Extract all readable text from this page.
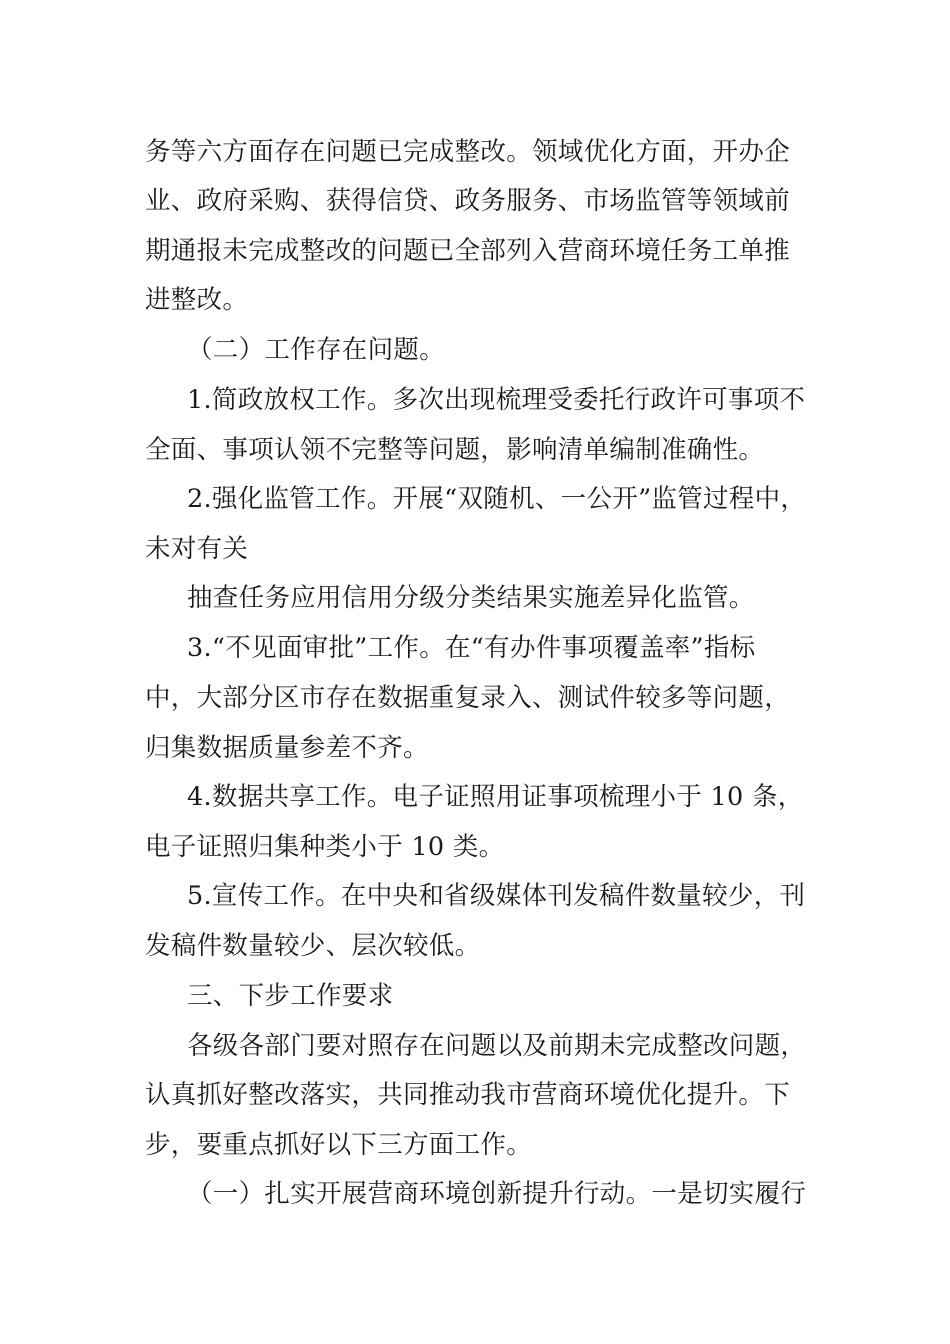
务等六方面存在问题已完成整改。领域优化方面，开办企
业、政府采购、获得信贷、政务服务、市场监管等领域前
期通报未完成整改的问题已全部列入营商环境任务工单推
进整改。
（二）工作存在问题。
1.简政放权工作。多次出现梳理受委托行政许可事项不
全面、事项认领不完整等问题，影响清单编制准确性。
2.强化监管工作。开展“双随机、一公开”监管过程中，
未对有关
抽查任务应用信用分级分类结果实施差异化监管。
3.“不见面审批”工作。在“有办件事项覆盖率”指标
中，大部分区市存在数据重复录入、测试件较多等问题，
归集数据质量参差不齐。
4.数据共享工作。电子证照用证事项梳理小于 10 条，
电子证照归集种类小于 10 类。
5.宣传工作。在中央和省级媒体刊发稿件数量较少，刊
发稿件数量较少、层次较低。
三、下步工作要求
各级各部门要对照存在问题以及前期未完成整改问题，
认真抓好整改落实，共同推动我市营商环境优化提升。下
步，要重点抓好以下三方面工作。
（一）扎实开展营商环境创新提升行动。一是切实履行
